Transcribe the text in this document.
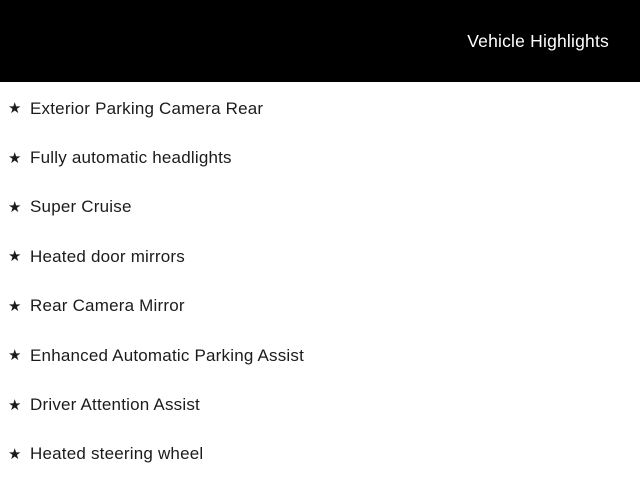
Vehicle Highlights
★ Exterior Parking Camera Rear
★ Fully automatic headlights
★ Super Cruise
★ Heated door mirrors
★ Rear Camera Mirror
★ Enhanced Automatic Parking Assist
★ Driver Attention Assist
★ Heated steering wheel
